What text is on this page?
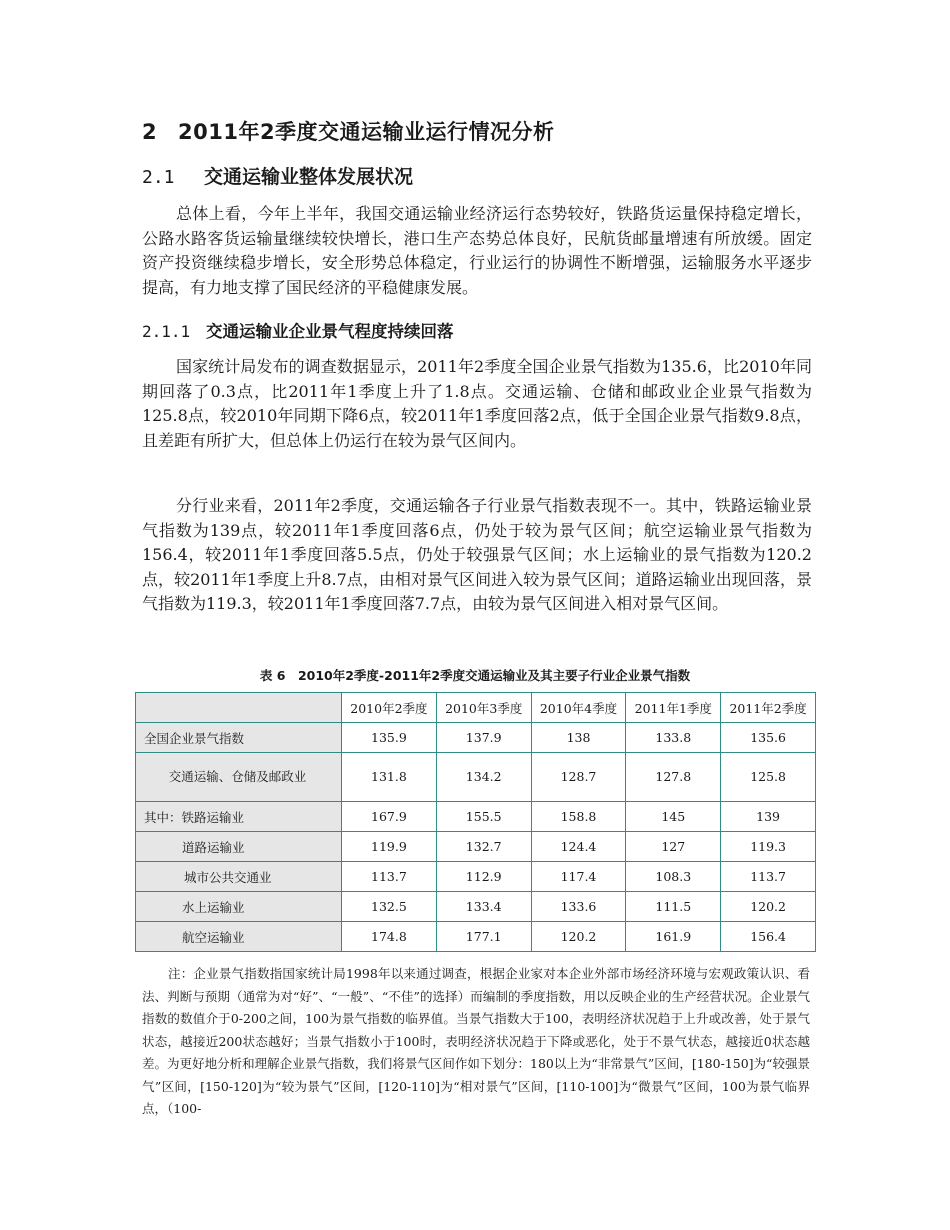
2 2011年2季度交通运输业运行情况分析
2.1 交通运输业整体发展状况

总体上看，今年上半年，我国交通运输业经济运行态势较好，铁路货运量保持稳定增长，公路水路客货运输量继续较快增长，港口生产态势总体良好，民航货邮量增速有所放缓。固定资产投资继续稳步增长，安全形势总体稳定，行业运行的协调性不断增强，运输服务水平逐步提高，有力地支撑了国民经济的平稳健康发展。

2.1.1 交通运输业企业景气程度持续回落

国家统计局发布的调查数据显示，2011年2季度全国企业景气指数为135.6，比2010年同期回落了0.3点，比2011年1季度上升了1.8点。交通运输、仓储和邮政业企业景气指数为125.8点，较2010年同期下降6点，较2011年1季度回落2点，低于全国企业景气指数9.8点，且差距有所扩大，但总体上仍运行在较为景气区间内。

分行业来看，2011年2季度，交通运输各子行业景气指数表现不一。其中，铁路运输业景气指数为139点，较2011年1季度回落6点，仍处于较为景气区间；航空运输业景气指数为156.4，较2011年1季度回落5.5点，仍处于较强景气区间；水上运输业的景气指数为120.2点，较2011年1季度上升8.7点，由相对景气区间进入较为景气区间；道路运输业出现回落，景气指数为119.3，较2011年1季度回落7.7点，由较为景气区间进入相对景气区间。

表 6　2010年2季度-2011年2季度交通运输业及其主要子行业企业景气指数
	2010年2季度	2010年3季度	2010年4季度	2011年1季度	2011年2季度
全国企业景气指数	135.9	137.9	138	133.8	135.6
交通运输、仓储及邮政业	131.8	134.2	128.7	127.8	125.8
其中：铁路运输业	167.9	155.5	158.8	145	139
道路运输业	119.9	132.7	124.4	127	119.3
城市公共交通业	113.7	112.9	117.4	108.3	113.7
水上运输业	132.5	133.4	133.6	111.5	120.2
航空运输业	174.8	177.1	120.2	161.9	156.4

注：企业景气指数指国家统计局1998年以来通过调查，根据企业家对本企业外部市场经济环境与宏观政策认识、看法、判断与预期（通常为对“好”、“一般”、“不佳”的选择）而编制的季度指数，用以反映企业的生产经营状况。企业景气指数的数值介于0-200之间，100为景气指数的临界值。当景气指数大于100，表明经济状况趋于上升或改善，处于景气状态，越接近200状态越好；当景气指数小于100时，表明经济状况趋于下降或恶化，处于不景气状态，越接近0状态越差。为更好地分析和理解企业景气指数，我们将景气区间作如下划分：180以上为“非常景气”区间，[180-150]为“较强景气”区间，[150-120]为“较为景气”区间，[120-110]为“相对景气”区间，[110-100]为“微景气”区间，100为景气临界点，（100-
